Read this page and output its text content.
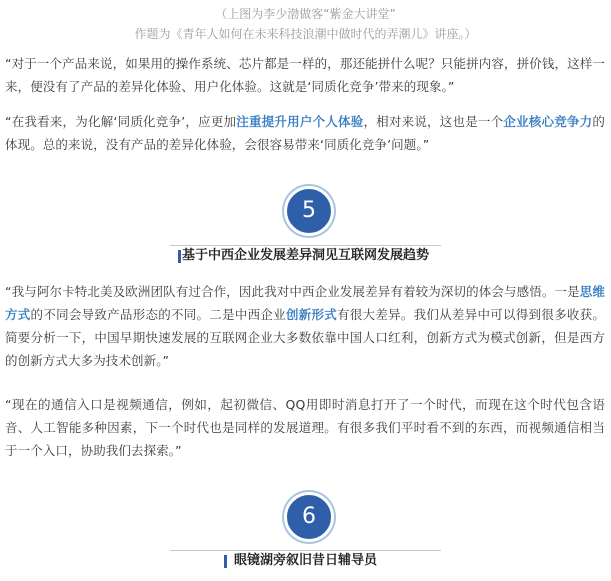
（上图为李少渤做客“紫金大讲堂”
作题为《青年人如何在未来科技浪潮中做时代的弄潮儿》讲座。）
“对于一个产品来说，如果用的操作系统、芯片都是一样的，那还能拼什么呢？只能拼内容，拼价钱，这样一来，便没有了产品的差异化体验、用户化体验。这就是‘同质化竞争’带来的现象。”
“在我看来，为化解‘同质化竞争’，应更加注重提升用户个人体验，相对来说，这也是一个企业核心竞争力的体现。总的来说，没有产品的差异化体验，会很容易带来‘同质化竞争’问题。”
5
基于中西企业发展差异洞见互联网发展趋势
“我与阿尔卡特北美及欧洲团队有过合作，因此我对中西企业发展差异有着较为深切的体会与感悟。一是思维方式的不同会导致产品形态的不同。二是中西企业创新形式有很大差异。我们从差异中可以得到很多收获。简要分析一下，中国早期快速发展的互联网企业大多数依靠中国人口红利，创新方式为模式创新，但是西方的创新方式大多为技术创新。”
“现在的通信入口是视频通信，例如，起初微信、QQ用即时消息打开了一个时代，而现在这个时代包含语音、人工智能多种因素，下一个时代也是同样的发展道理。有很多我们平时看不到的东西，而视频通信相当于一个入口，协助我们去探索。”
6
眼镜湖旁叙旧昔日辅导员
